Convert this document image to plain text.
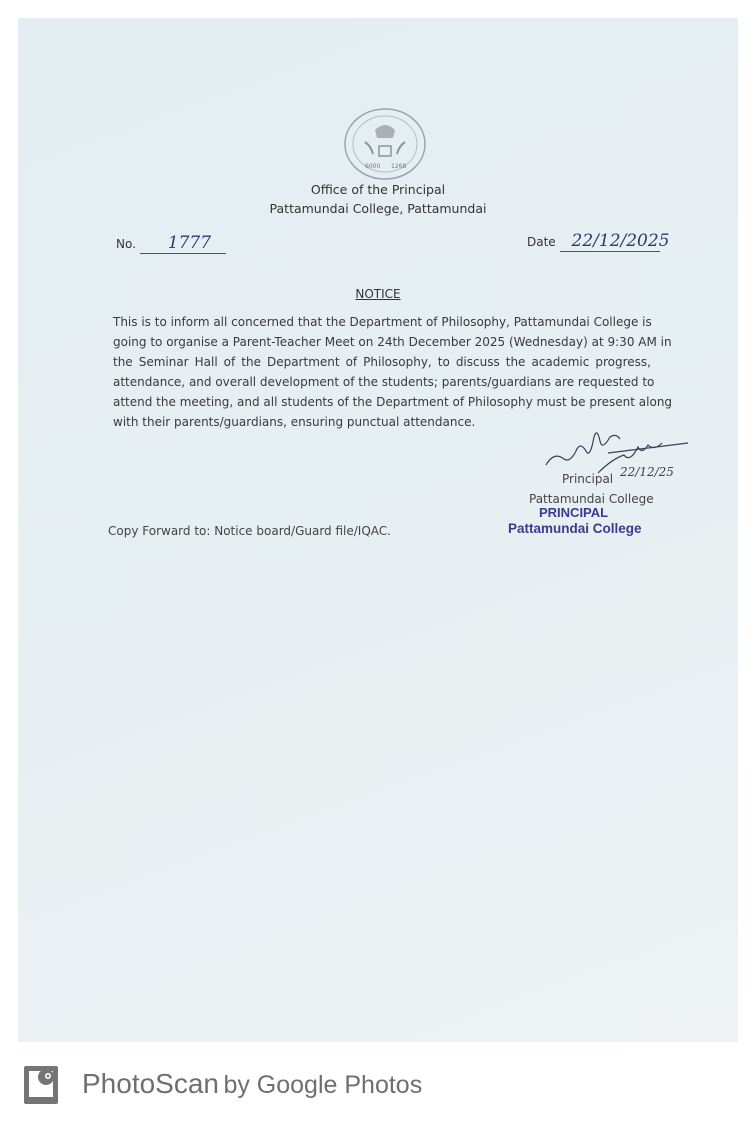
6000 1268
Office of the Principal
Pattamundai College, Pattamundai
No. 1777	Date 22/12/2025
NOTICE
This is to inform all concerned that the Department of Philosophy, Pattamundai College is
going to organise a Parent-Teacher Meet on 24th December 2025 (Wednesday) at 9:30 AM in
the Seminar Hall of the Department of Philosophy, to discuss the academic progress,
attendance, and overall development of the students; parents/guardians are requested to
attend the meeting, and all students of the Department of Philosophy must be present along
with their parents/guardians, ensuring punctual attendance.
Principal 22/12/25
Pattamundai College
PRINCIPAL
Pattamundai College
Copy Forward to: Notice board/Guard file/IQAC.
PhotoScan by Google Photos
